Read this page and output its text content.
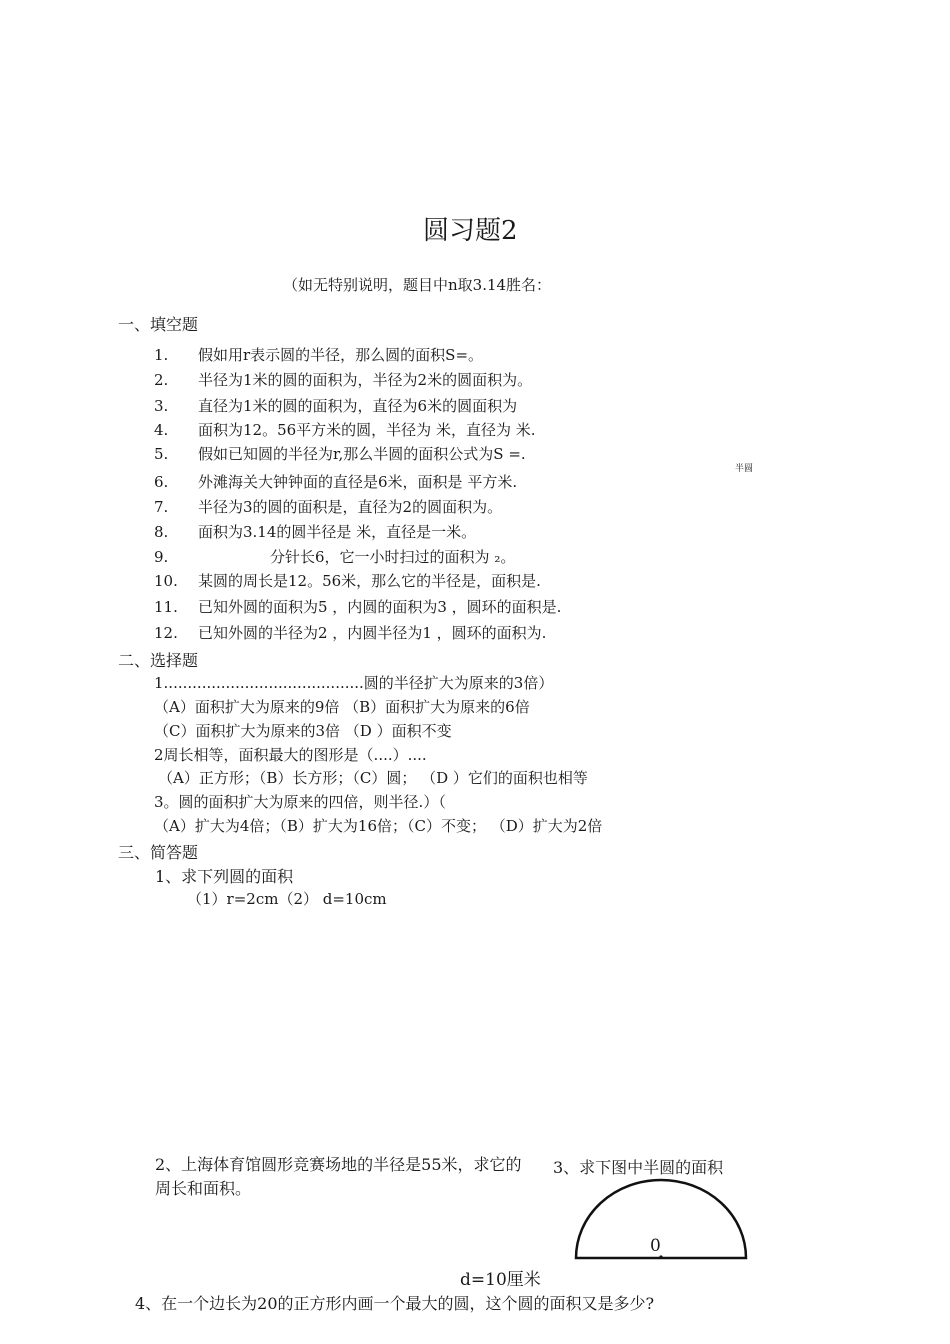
圆习题2
（如无特别说明，题目中n取3.14胜名：
一、填空题
1. 假如用r表示圆的半径，那么圆的面积S=。
2. 半径为1米的圆的面积为，半径为2米的圆面积为。
3. 直径为1米的圆的面积为，直径为6米的圆面积为
4. 面积为12。56平方米的圆，半径为 米，直径为 米.
5. 假如已知圆的半径为r,那么半圆的面积公式为S =.
6. 外滩海关大钟钟面的直径是6米，面积是 平方米.
7. 半径为3的圆的面积是，直径为2的圆面积为。
8. 面积为3.14的圆半径是 米，直径是一米。
9.	分针长6，它一小时扫过的面积为 ₂。
10. 某圆的周长是12。56米，那么它的半径是，面积是.
11. 已知外圆的面积为5 ，内圆的面积为3 ，圆环的面积是.
12. 已知外圆的半径为2 ，内圆半径为1 ，圆环的面积为.
半圆
二、选择题
1..........................................圆的半径扩大为原来的3倍）
（A）面积扩大为原来的9倍 （B）面积扩大为原来的6倍
（C）面积扩大为原来的3倍 （D ）面积不变
2周长相等，面积最大的图形是（....）....
（A）正方形；（B）长方形；（C）圆； （D ）它们的面积也相等
3。圆的面积扩大为原来的四倍，则半径.）（
（A）扩大为4倍；（B）扩大为16倍；（C）不变； （D）扩大为2倍
三、简答题
1、求下列圆的面积
（1）r=2cm（2） d=10cm
2、上海体育馆圆形竞赛场地的半径是55米，求它的
周长和面积。
3、求下图中半圆的面积
0
d=10厘米
4、在一个边长为20的正方形内画一个最大的圆，这个圆的面积又是多少?
